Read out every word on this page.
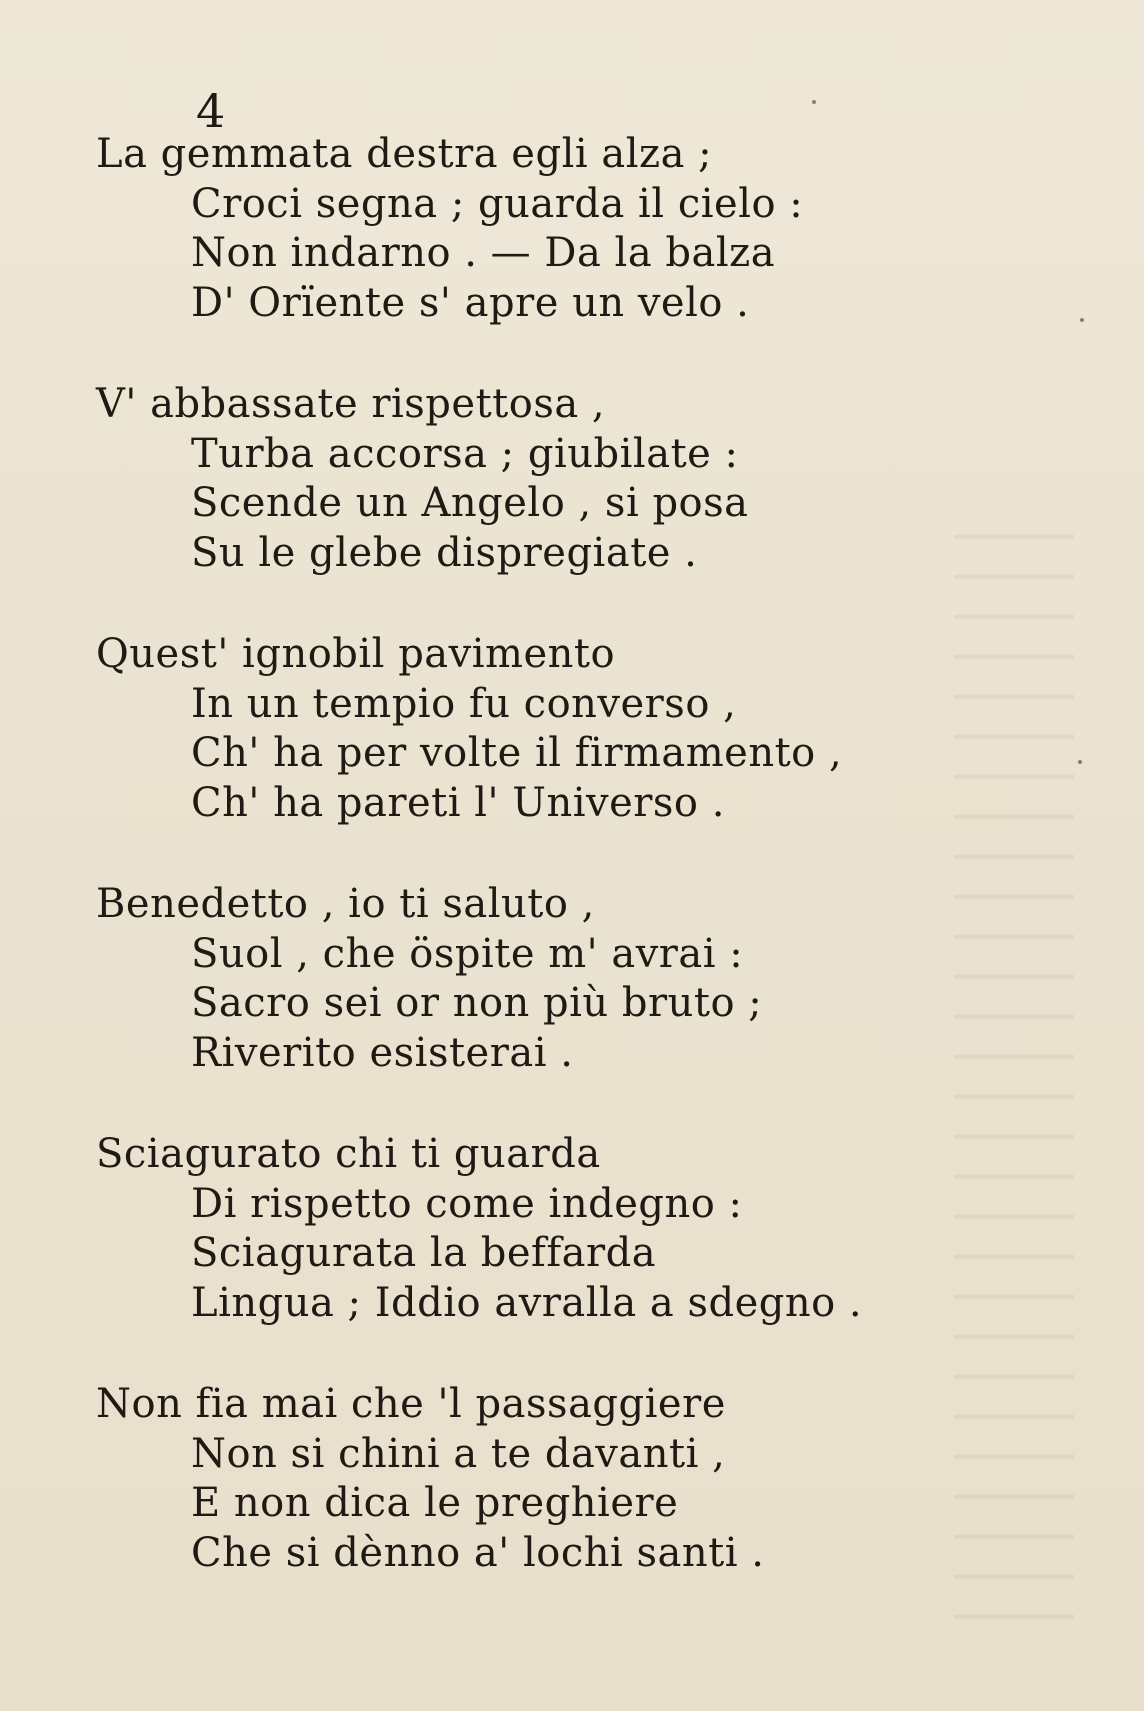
4
La gemmata destra egli alza ;
Croci segna ; guarda il cielo :
Non indarno . — Da la balza
D' Orïente s' apre un velo .
V' abbassate rispettosa ,
Turba accorsa ; giubilate :
Scende un Angelo , si posa
Su le glebe dispregiate .
Quest' ignobil pavimento
In un tempio fu converso ,
Ch' ha per volte il firmamento ,
Ch' ha pareti l' Universo .
Benedetto , io ti saluto ,
Suol , che öspite m' avrai :
Sacro sei or non più bruto ;
Riverito esisterai .
Sciagurato chi ti guarda
Di rispetto come indegno :
Sciagurata la beffarda
Lingua ; Iddio avralla a sdegno .
Non fia mai che 'l passaggiere
Non si chini a te davanti ,
E non dica le preghiere
Che si dènno a' lochi santi .
